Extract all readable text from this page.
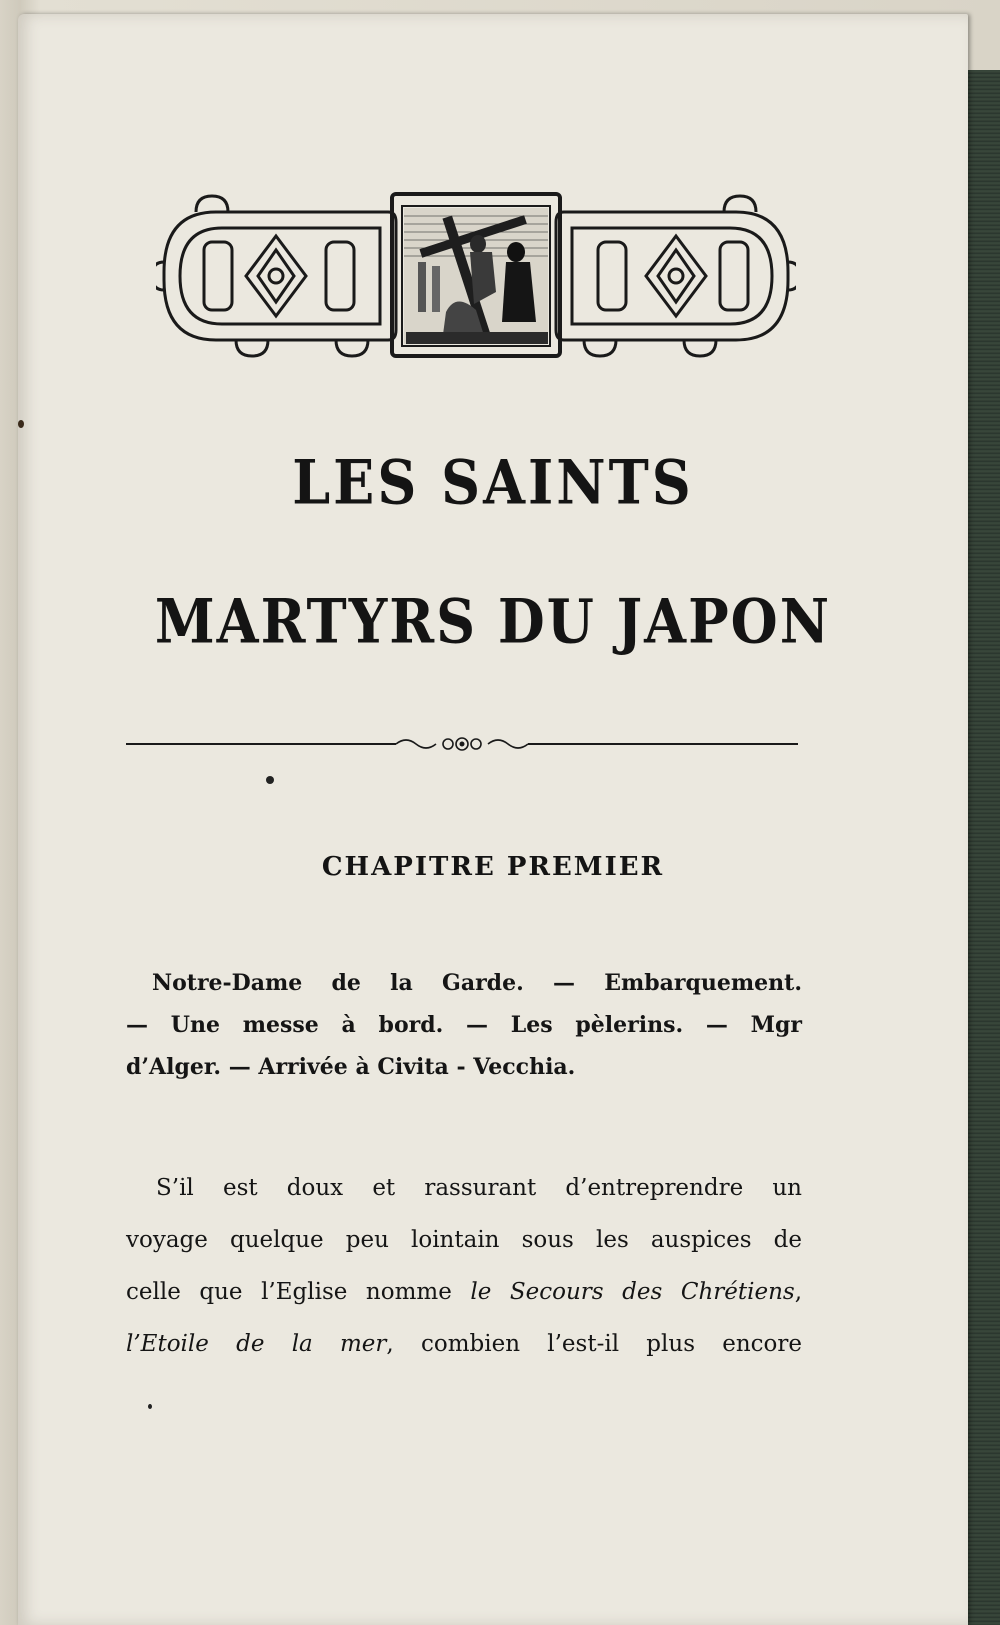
LES SAINTS
MARTYRS DU JAPON
CHAPITRE PREMIER
Notre-Dame de la Garde. — Embarquement.
— Une messe à bord. — Les pèlerins. — Mgr
d’Alger. — Arrivée à Civita - Vecchia.
S’il est doux et rassurant d’entreprendre un
voyage quelque peu lointain sous les auspices de
celle que l’Eglise nomme le Secours des Chrétiens,
l’Etoile de la mer, combien l’est-il plus encore
